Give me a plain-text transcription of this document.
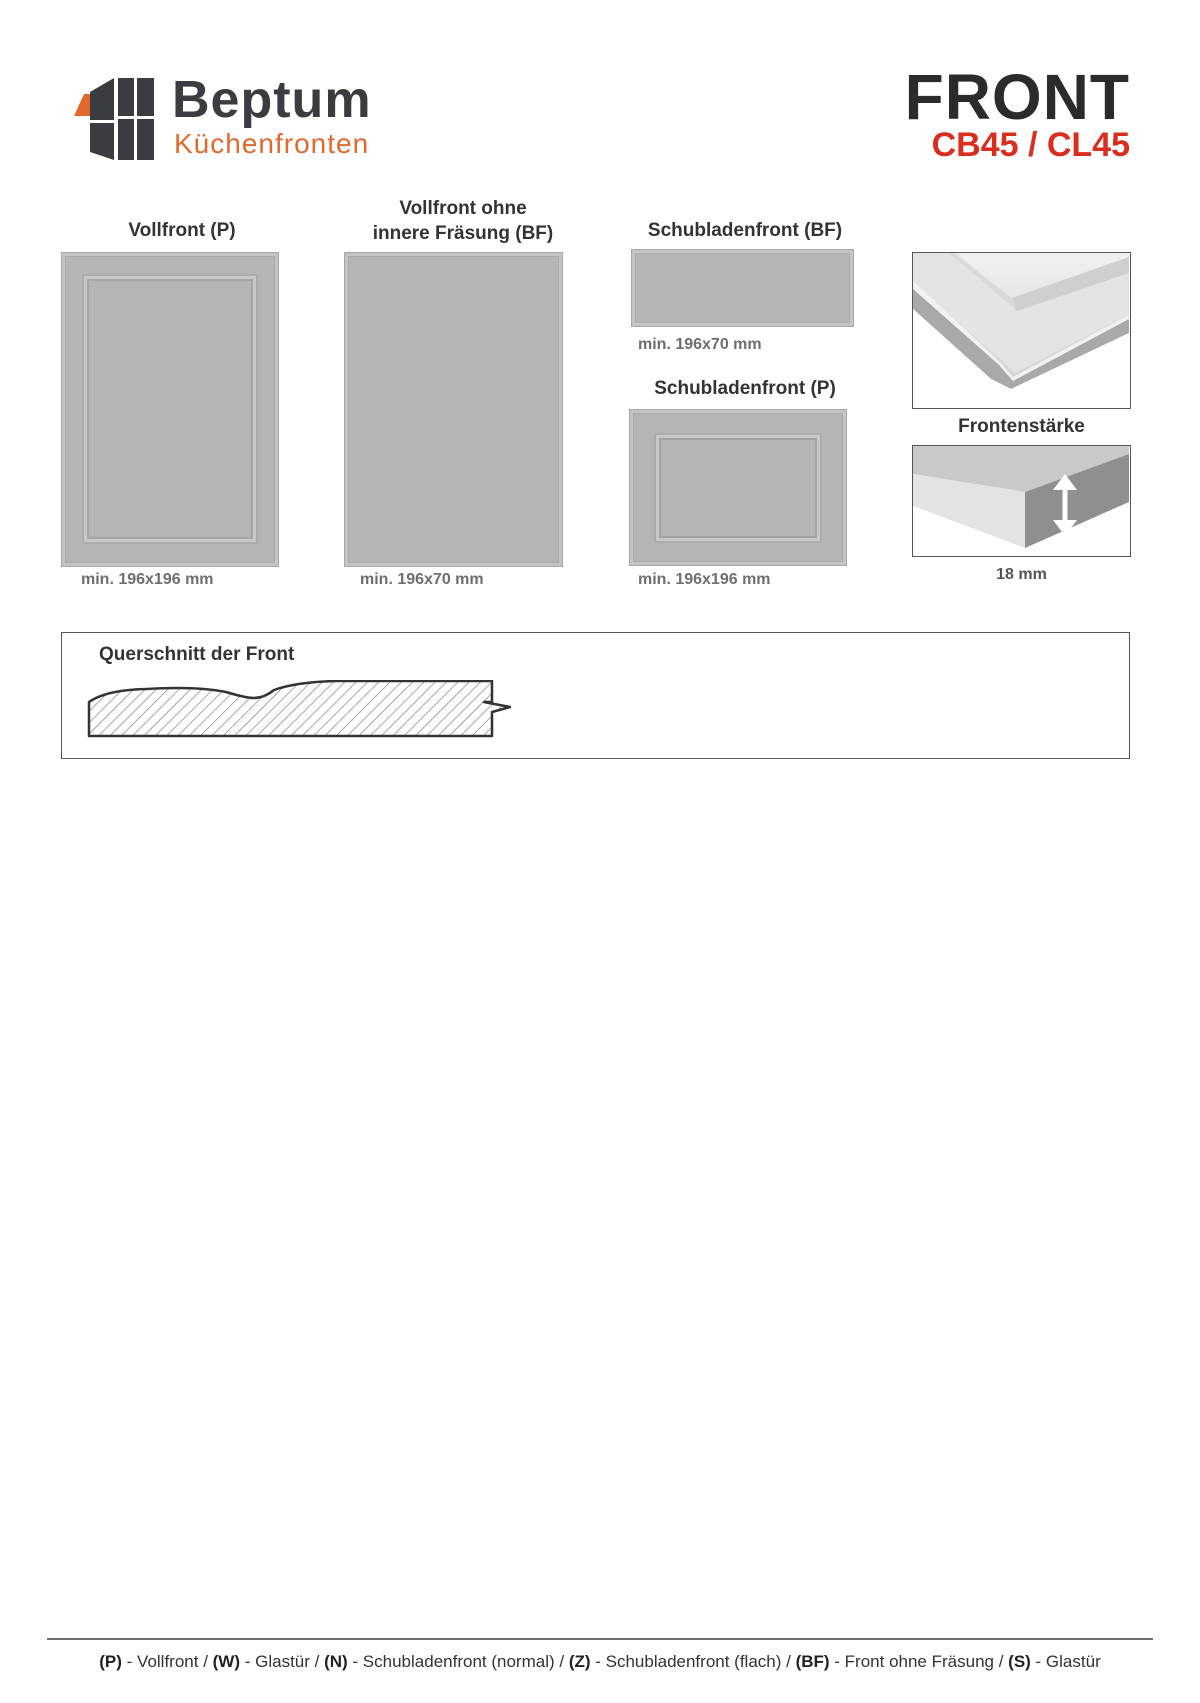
Beptum
Küchenfronten
FRONT
CB45 / CL45
Vollfront (P)
min. 196x196 mm
Vollfront ohne
innere Fräsung (BF)
min. 196x70 mm
Schubladenfront (BF)
min. 196x70 mm
Schubladenfront (P)
min. 196x196 mm
Frontenstärke
18 mm
Querschnitt der Front
(P) - Vollfront / (W) - Glastür / (N) - Schubladenfront (normal) / (Z) - Schubladenfront (flach) / (BF) - Front ohne Fräsung / (S) - Glastür
